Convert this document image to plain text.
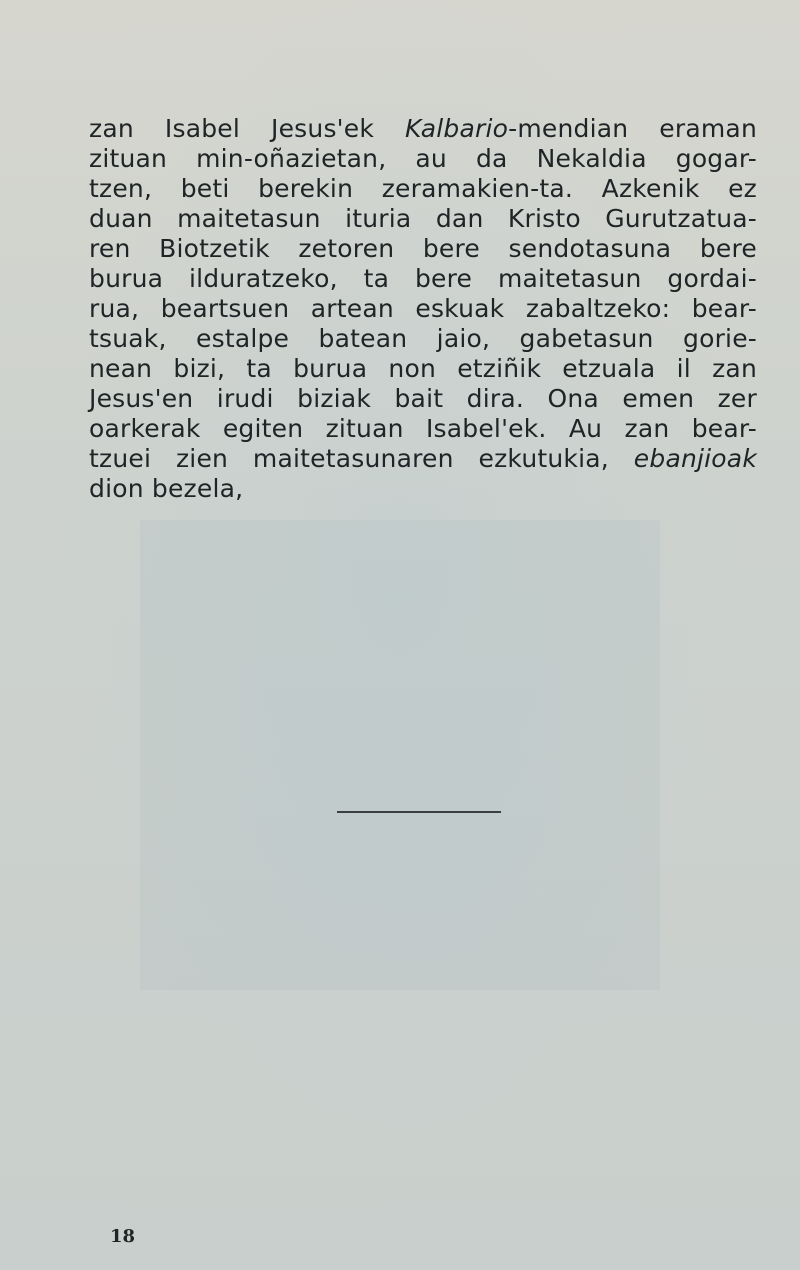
zan Isabel Jesus'ek Kalbario-mendian eraman
zituan min-oñazietan, au da Nekaldia gogar-
tzen, beti berekin zeramakien-ta. Azkenik ez
duan maitetasun ituria dan Kristo Gurutzatua-
ren Biotzetik zetoren bere sendotasuna bere
burua ilduratzeko, ta bere maitetasun gordai-
rua, beartsuen artean eskuak zabaltzeko: bear-
tsuak, estalpe batean jaio, gabetasun gorie-
nean bizi, ta burua non etziñik etzuala il zan
Jesus'en irudi biziak bait dira. Ona emen zer
oarkerak egiten zituan Isabel'ek. Au zan bear-
tzuei zien maitetasunaren ezkutukia, ebanjioak
dion bezela,
18
